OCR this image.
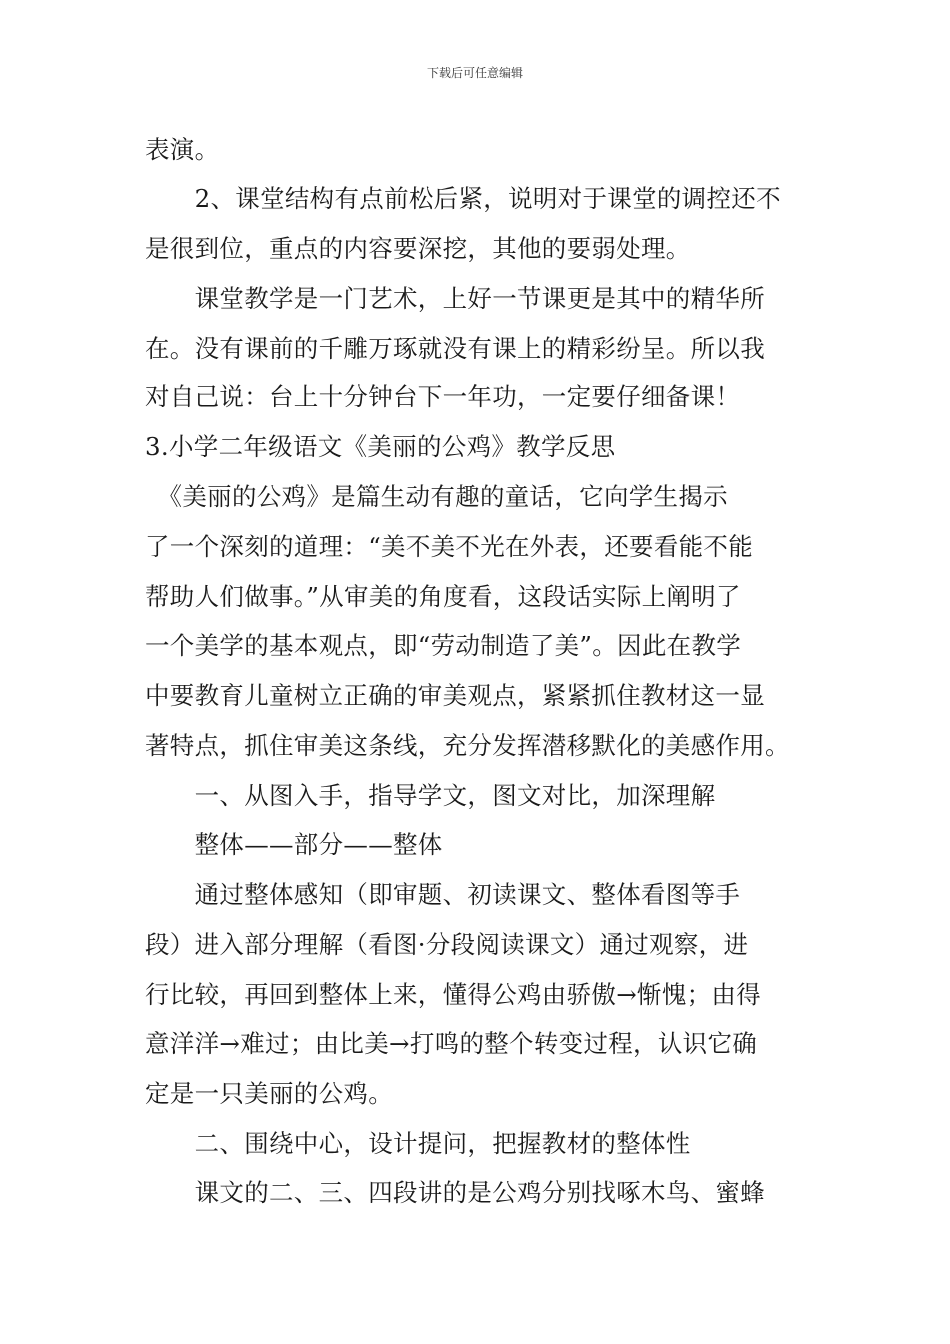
下载后可任意编辑
表演。
　　2、课堂结构有点前松后紧，说明对于课堂的调控还不
是很到位，重点的内容要深挖，其他的要弱处理。
　　课堂教学是一门艺术，上好一节课更是其中的精华所
在。没有课前的千雕万琢就没有课上的精彩纷呈。所以我
对自己说：台上十分钟台下一年功，一定要仔细备课！
3.小学二年级语文《美丽的公鸡》教学反思
　《美丽的公鸡》是篇生动有趣的童话，它向学生揭示
了一个深刻的道理：“美不美不光在外表，还要看能不能
帮助人们做事。”从审美的角度看，这段话实际上阐明了
一个美学的基本观点，即“劳动制造了美”。因此在教学
中要教育儿童树立正确的审美观点，紧紧抓住教材这一显
著特点，抓住审美这条线，充分发挥潜移默化的美感作用。
　　一、从图入手，指导学文，图文对比，加深理解
　　整体——部分——整体
　　通过整体感知（即审题、初读课文、整体看图等手
段）进入部分理解（看图·分段阅读课文）通过观察，进
行比较，再回到整体上来，懂得公鸡由骄傲→惭愧；由得
意洋洋→难过；由比美→打鸣的整个转变过程，认识它确
定是一只美丽的公鸡。
　　二、围绕中心，设计提问，把握教材的整体性
　　课文的二、三、四段讲的是公鸡分别找啄木鸟、蜜蜂
